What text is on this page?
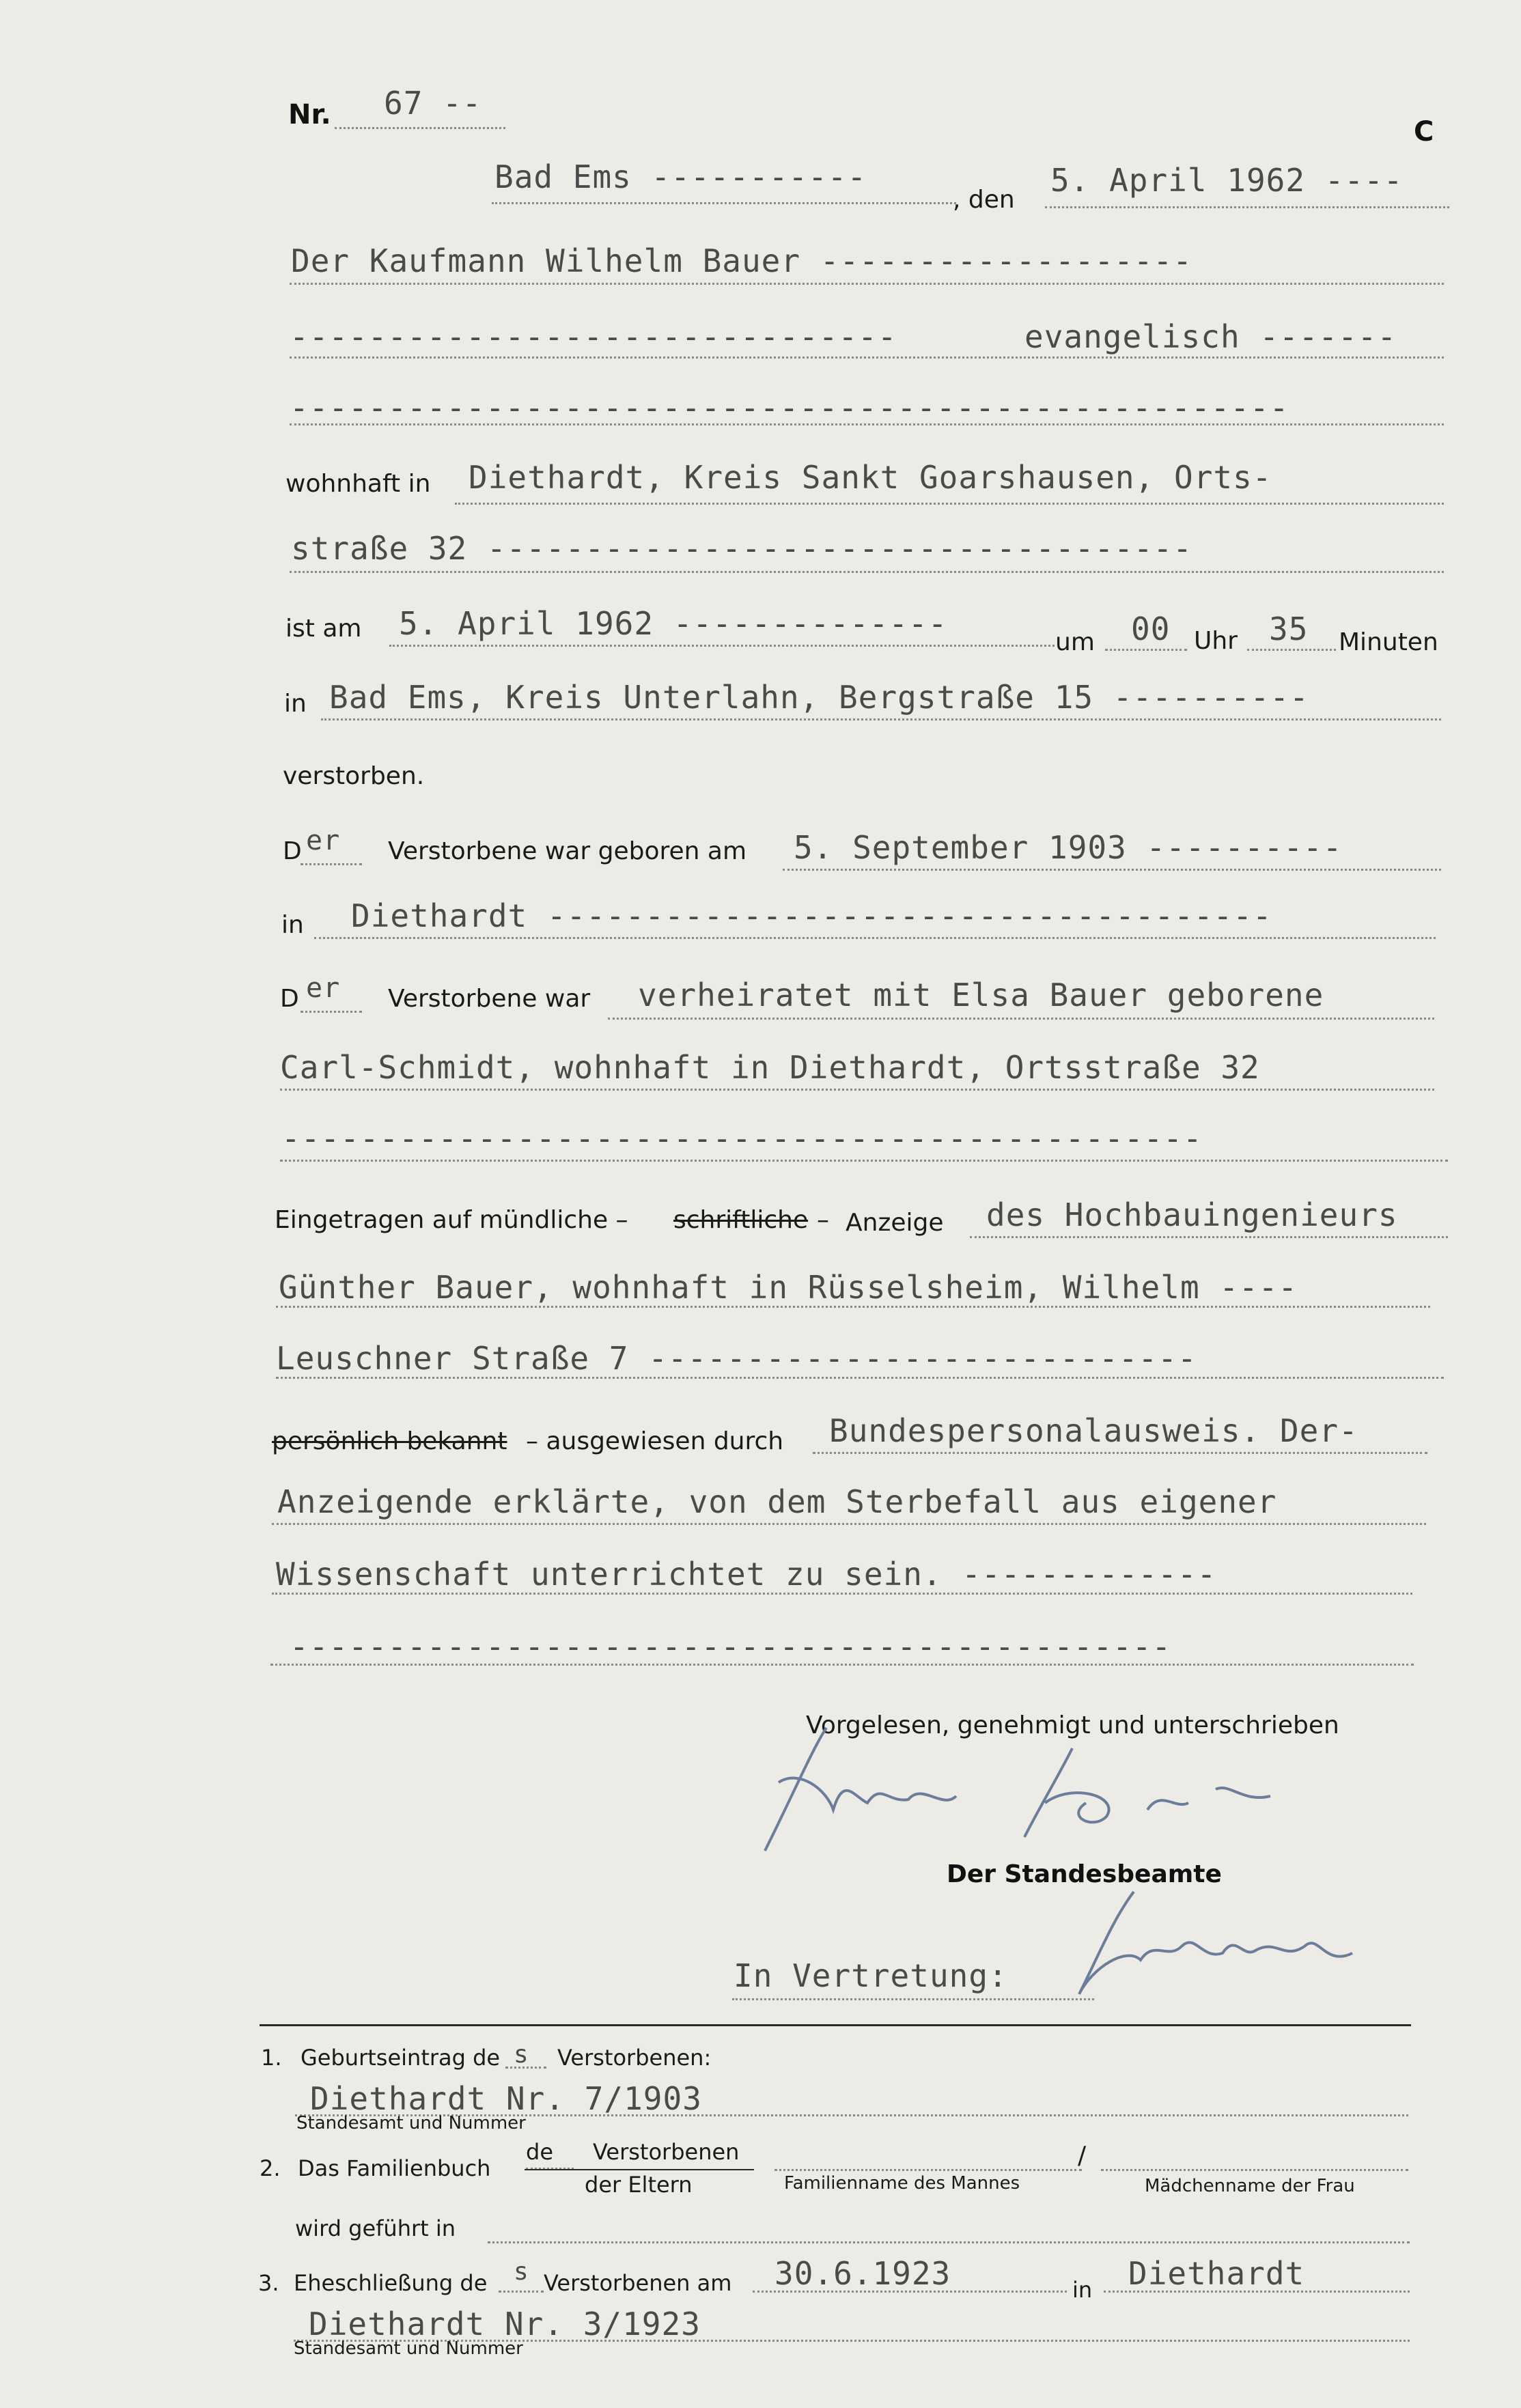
Nr. 67 --
C
Bad Ems -----------
, den
5. April 1962 ----
Der Kaufmann Wilhelm Bauer -------------------
-------------------------------	evangelisch -------
---------------------------------------------------
wohnhaft in Diethardt, Kreis Sankt Goarshausen, Orts-
straße 32 ------------------------------------
ist am 5. April 1962 --------------
um 00 Uhr 35 Minuten
in Bad Ems, Kreis Unterlahn, Bergstraße 15 ----------
verstorben.
D er Verstorbene war geboren am 5. September 1903 ----------
in Diethardt -------------------------------------
D er Verstorbene war verheiratet mit Elsa Bauer geborene
Carl-Schmidt, wohnhaft in Diethardt, Ortsstraße 32
-----------------------------------------------
Eingetragen auf mündliche – schriftliche – Anzeige des Hochbauingenieurs
Günther Bauer, wohnhaft in Rüsselsheim, Wilhelm ----
Leuschner Straße 7 ----------------------------
persönlich bekannt – ausgewiesen durch Bundespersonalausweis. Der-
Anzeigende erklärte, von dem Sterbefall aus eigener
Wissenschaft unterrichtet zu sein. -------------
---------------------------------------------
Vorgelesen, genehmigt und unterschrieben
Der Standesbeamte
In Vertretung:
1. Geburtseintrag de s Verstorbenen:
Diethardt Nr. 7/1903
Standesamt und Nummer
2. Das Familienbuch
de Verstorbenen
der Eltern	Familienname des Mannes
/
Mädchenname der Frau
wird geführt in
3. Eheschließung de s Verstorbenen am 30.6.1923	in Diethardt
Diethardt Nr. 3/1923
Standesamt und Nummer
